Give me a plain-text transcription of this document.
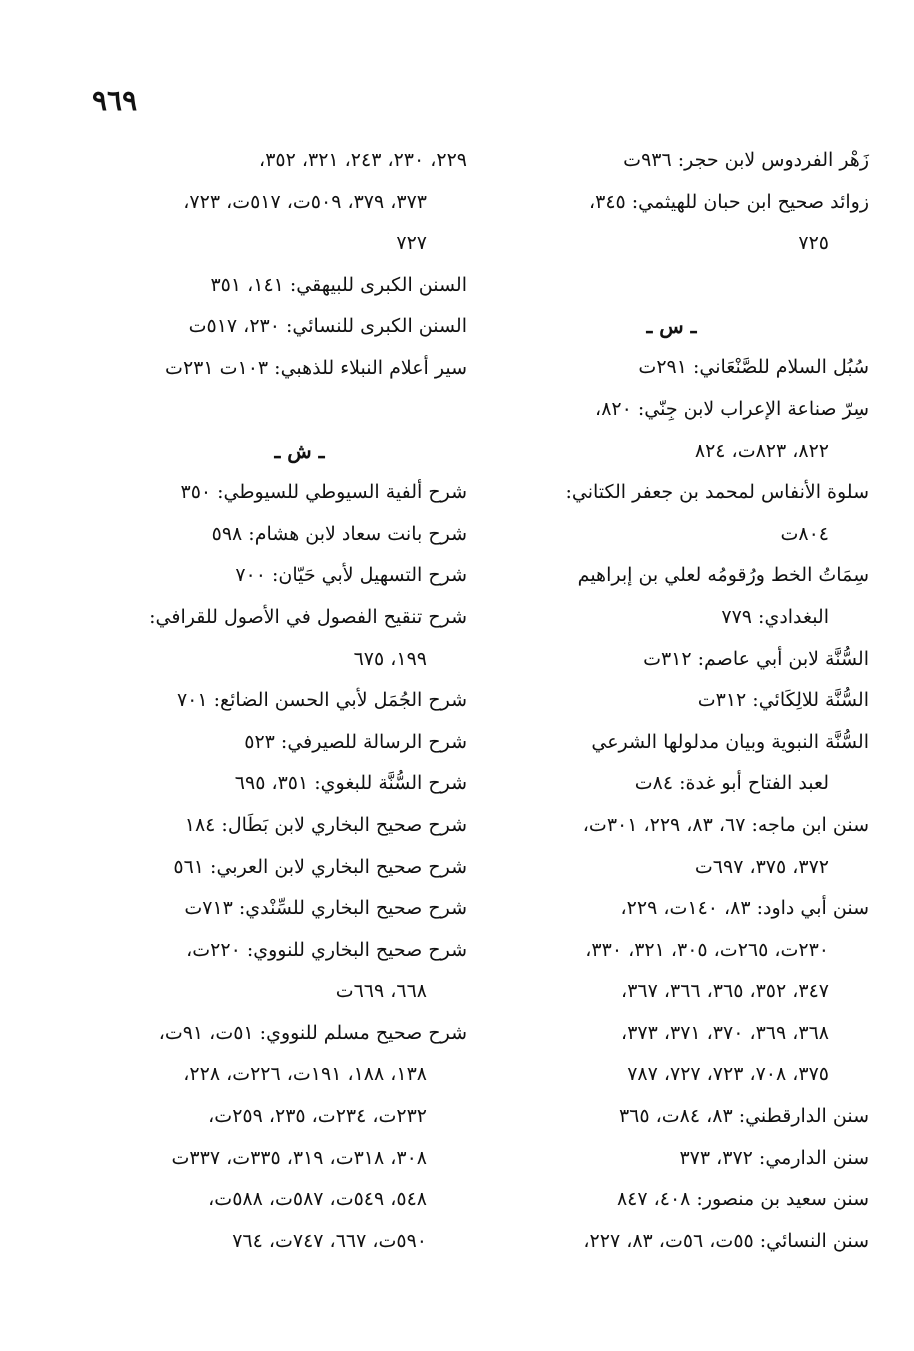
٩٦٩
زَهْر الفردوس لابن حجر: ٩٣٦ت
زوائد صحيح ابن حبان للهيثمي: ٣٤٥،
٧٢٥
ـ س ـ
سُبُل السلام للصَّنْعَاني: ٢٩١ت
سِرّ صناعة الإعراب لابن جِنّي: ٨٢٠،
٨٢٢، ٨٢٣ت، ٨٢٤
سلوة الأنفاس لمحمد بن جعفر الكتاني:
٨٠٤ت
سِمَاتُ الخط ورُقومُه لعلي بن إبراهيم
البغدادي: ٧٧٩
السُّنَّة لابن أبي عاصم: ٣١٢ت
السُّنَّة للالِكَائي: ٣١٢ت
السُّنَّة النبوية وبيان مدلولها الشرعي
لعبد الفتاح أبو غدة: ٨٤ت
سنن ابن ماجه: ٦٧، ٨٣، ٢٢٩، ٣٠١ت،
٣٧٢، ٣٧٥، ٦٩٧ت
سنن أبي داود: ٨٣، ١٤٠ت، ٢٢٩،
٢٣٠ت، ٢٦٥ت، ٣٠٥، ٣٢١، ٣٣٠،
٣٤٧، ٣٥٢، ٣٦٥، ٣٦٦، ٣٦٧،
٣٦٨، ٣٦٩، ٣٧٠، ٣٧١، ٣٧٣،
٣٧٥، ٧٠٨، ٧٢٣، ٧٢٧، ٧٨٧
سنن الدارقطني: ٨٣، ٨٤ت، ٣٦٥
سنن الدارمي: ٣٧٢، ٣٧٣
سنن سعيد بن منصور: ٤٠٨، ٨٤٧
سنن النسائي: ٥٥ت، ٥٦ت، ٨٣، ٢٢٧،
٢٢٩، ٢٣٠، ٢٤٣، ٣٢١، ٣٥٢،
٣٧٣، ٣٧٩، ٥٠٩ت، ٥١٧ت، ٧٢٣،
٧٢٧
السنن الكبرى للبيهقي: ١٤١، ٣٥١
السنن الكبرى للنسائي: ٢٣٠، ٥١٧ت
سير أعلام النبلاء للذهبي: ١٠٣ت ٢٣١ت
ـ ش ـ
شرح ألفية السيوطي للسيوطي: ٣٥٠
شرح بانت سعاد لابن هشام: ٥٩٨
شرح التسهيل لأبي حَيّان: ٧٠٠
شرح تنقيح الفصول في الأصول للقرافي:
١٩٩، ٦٧٥
شرح الجُمَل لأبي الحسن الضائع: ٧٠١
شرح الرسالة للصيرفي: ٥٢٣
شرح السُّنَّة للبغوي: ٣٥١، ٦٩٥
شرح صحيح البخاري لابن بَطَال: ١٨٤
شرح صحيح البخاري لابن العربي: ٥٦١
شرح صحيح البخاري للسِّنْدي: ٧١٣ت
شرح صحيح البخاري للنووي: ٢٢٠ت،
٦٦٨، ٦٦٩ت
شرح صحيح مسلم للنووي: ٥١ت، ٩١ت،
١٣٨، ١٨٨، ١٩١ت، ٢٢٦ت، ٢٢٨،
٢٣٢ت، ٢٣٤ت، ٢٣٥، ٢٥٩ت،
٣٠٨، ٣١٨ت، ٣١٩، ٣٣٥ت، ٣٣٧ت
٥٤٨، ٥٤٩ت، ٥٨٧ت، ٥٨٨ت،
٥٩٠ت، ٦٦٧، ٧٤٧ت، ٧٦٤
